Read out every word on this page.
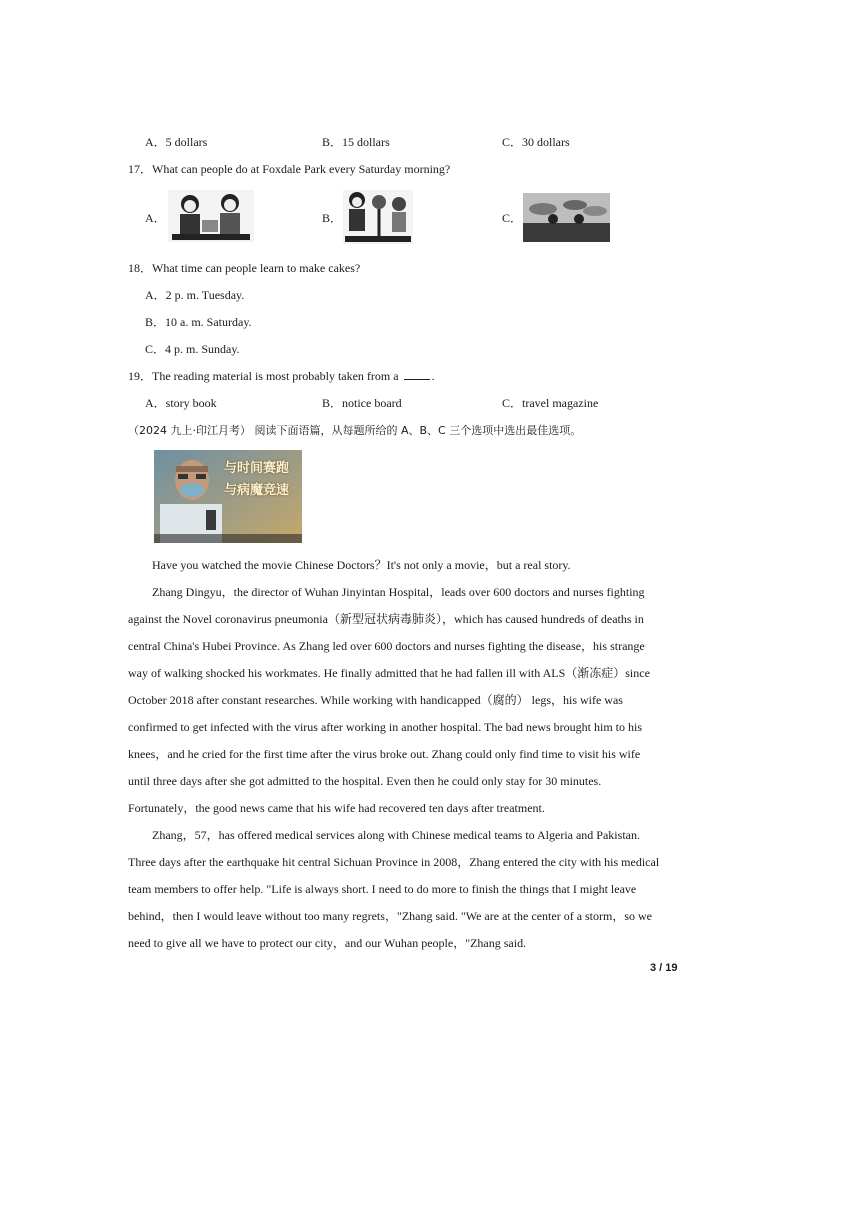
A．5 dollars	B．15 dollars	C．30 dollars
17．What can people do at Foxdale Park every Saturday morning?
A．	B．	C．
18．What time can people learn to make cakes?
A．2 p. m. Tuesday.
B．10 a. m. Saturday.
C．4 p. m. Sunday.
19．The reading material is most probably taken from a	.
A．story book	B．notice board	C．travel magazine
（2024 九上·印江月考） 阅读下面语篇，从每题所给的 A、B、C 三个选项中选出最佳选项。
与时间赛跑 与病魔竞速
Have you watched the movie Chinese Doctors？It's not only a movie，but a real story.
Zhang Dingyu，the director of Wuhan Jinyintan Hospital，leads over 600 doctors and nurses fighting
against the Novel coronavirus pneumonia（新型冠状病毒肺炎），which has caused hundreds of deaths in
central China's Hubei Province. As Zhang led over 600 doctors and nurses fighting the disease，his strange
way of walking shocked his workmates. He finally admitted that he had fallen ill with ALS（渐冻症）since
October 2018 after constant researches. While working with handicapped（腐的） legs，his wife was
confirmed to get infected with the virus after working in another hospital. The bad news brought him to his
knees，and he cried for the first time after the virus broke out. Zhang could only find time to visit his wife
until three days after she got admitted to the hospital. Even then he could only stay for 30 minutes.
Fortunately，the good news came that his wife had recovered ten days after treatment.
Zhang，57，has offered medical services along with Chinese medical teams to Algeria and Pakistan.
Three days after the earthquake hit central Sichuan Province in 2008，Zhang entered the city with his medical
team members to offer help. "Life is always short. I need to do more to finish the things that I might leave
behind，then I would leave without too many regrets，"Zhang said. "We are at the center of a storm，so we
need to give all we have to protect our city，and our Wuhan people，"Zhang said.
3 / 19
